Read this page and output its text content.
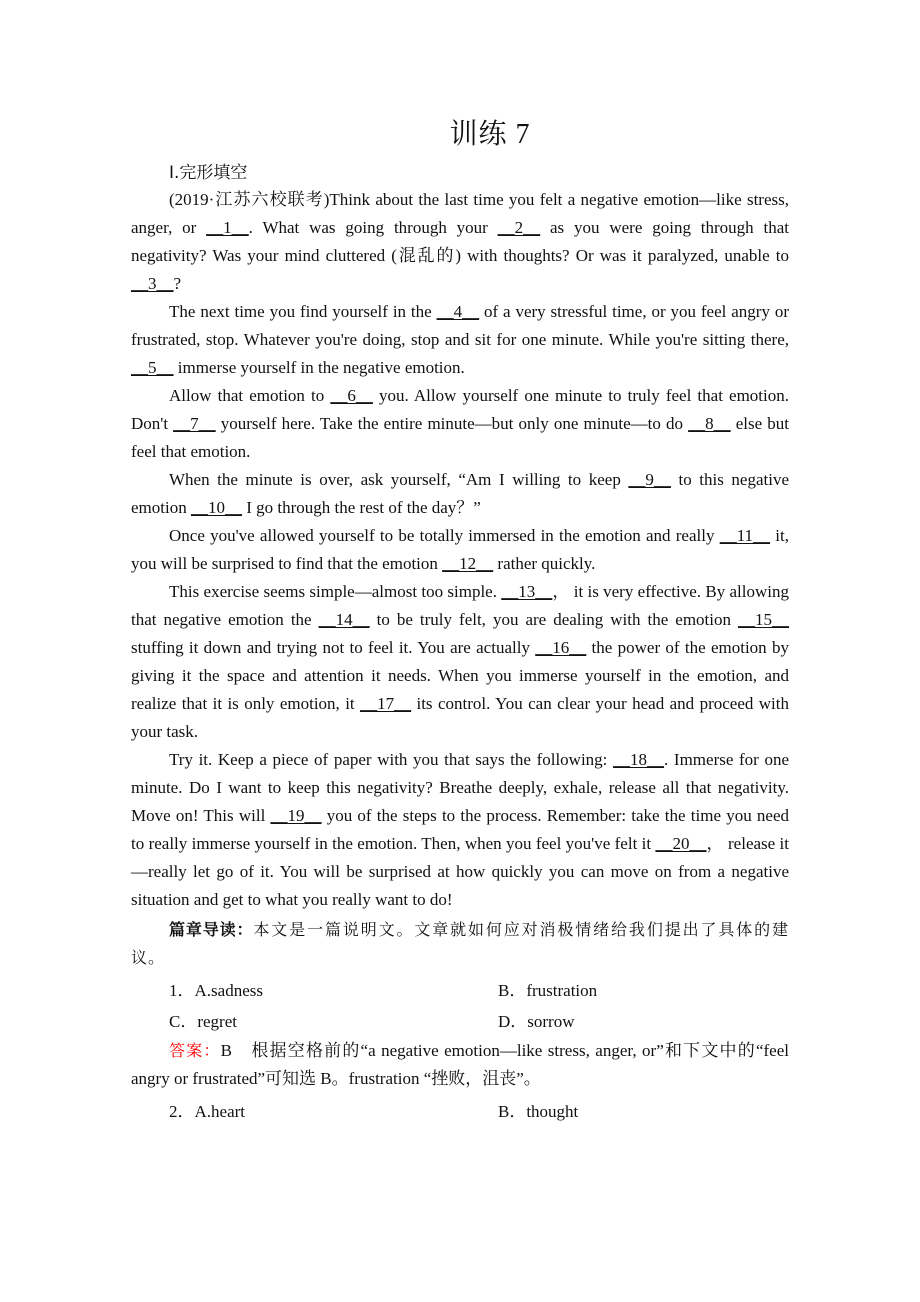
训练 7
Ⅰ.完形填空

(2019·江苏六校联考)Think about the last time you felt a negative emotion—like stress, anger, or __1__. What was going through your __2__ as you were going through that negativity? Was your mind cluttered (混乱的) with thoughts? Or was it paralyzed, unable to __3__?

The next time you find yourself in the __4__ of a very stressful time, or you feel angry or frustrated, stop. Whatever you're doing, stop and sit for one minute. While you're sitting there, __5__ immerse yourself in the negative emotion.

Allow that emotion to __6__ you. Allow yourself one minute to truly feel that emotion. Don't __7__ yourself here. Take the entire minute—but only one minute—to do __8__ else but feel that emotion.

When the minute is over, ask yourself, “Am I willing to keep __9__ to this negative emotion __10__ I go through the rest of the day？”

Once you've allowed yourself to be totally immersed in the emotion and really __11__ it, you will be surprised to find that the emotion __12__ rather quickly.

This exercise seems simple—almost too simple. __13__， it is very effective. By allowing that negative emotion the __14__ to be truly felt, you are dealing with the emotion __15__ stuffing it down and trying not to feel it. You are actually __16__ the power of the emotion by giving it the space and attention it needs. When you immerse yourself in the emotion, and realize that it is only emotion, it __17__ its control. You can clear your head and proceed with your task.

Try it. Keep a piece of paper with you that says the following: __18__. Immerse for one minute. Do I want to keep this negativity? Breathe deeply, exhale, release all that negativity. Move on! This will __19__ you of the steps to the process. Remember: take the time you need to really immerse yourself in the emotion. Then, when you feel you've felt it __20__， release it—really let go of it. You will be surprised at how quickly you can move on from a negative situation and get to what you really want to do!

篇章导读：本文是一篇说明文。文章就如何应对消极情绪给我们提出了具体的建议。

1．A.sadness	B．frustration
C．regret	D．sorrow

答案：B　根据空格前的“a negative emotion—like stress, anger, or”和下文中的“feel angry or frustrated”可知选 B。frustration “挫败，沮丧”。

2．A.heart	B．thought
